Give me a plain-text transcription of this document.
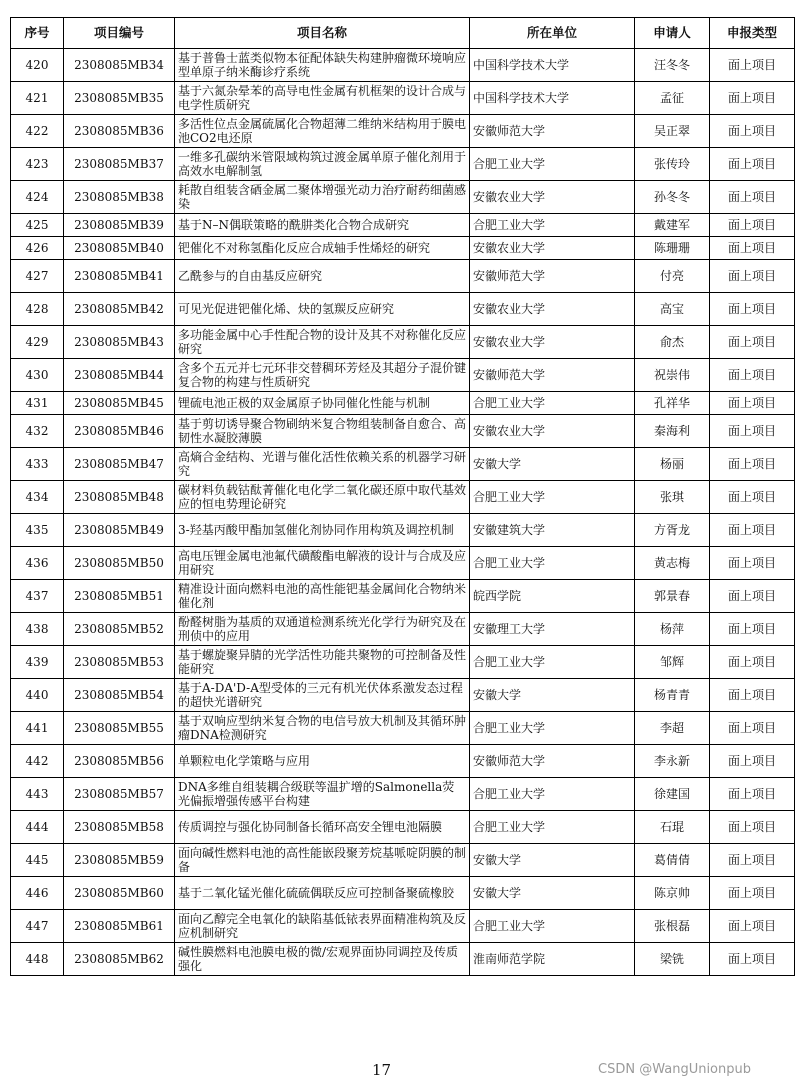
序号	项目编号	项目名称	所在单位	申请人	申报类型
420	2308085MB34	基于普鲁士蓝类似物本征配体缺失构建肿瘤微环境响应型单原子纳米酶诊疗系统	中国科学技术大学	汪冬冬	面上项目
421	2308085MB35	基于六氮杂晕苯的高导电性金属有机框架的设计合成与电学性质研究	中国科学技术大学	孟征	面上项目
422	2308085MB36	多活性位点金属硫属化合物超薄二维纳米结构用于膜电池CO2电还原	安徽师范大学	吴正翠	面上项目
423	2308085MB37	一维多孔碳纳米管限域构筑过渡金属单原子催化剂用于高效水电解制氢	合肥工业大学	张传玲	面上项目
424	2308085MB38	耗散自组装含硒金属二聚体增强光动力治疗耐药细菌感染	安徽农业大学	孙冬冬	面上项目
425	2308085MB39	基于N–N偶联策略的酰肼类化合物合成研究	合肥工业大学	戴建军	面上项目
426	2308085MB40	钯催化不对称氢酯化反应合成轴手性烯烃的研究	安徽农业大学	陈珊珊	面上项目
427	2308085MB41	乙酰参与的自由基反应研究	安徽师范大学	付亮	面上项目
428	2308085MB42	可见光促进钯催化烯、炔的氢羰反应研究	安徽农业大学	高宝	面上项目
429	2308085MB43	多功能金属中心手性配合物的设计及其不对称催化反应研究	安徽农业大学	俞杰	面上项目
430	2308085MB44	含多个五元并七元环非交替稠环芳烃及其超分子混价键复合物的构建与性质研究	安徽师范大学	祝崇伟	面上项目
431	2308085MB45	锂硫电池正极的双金属原子协同催化性能与机制	合肥工业大学	孔祥华	面上项目
432	2308085MB46	基于剪切诱导聚合物刷纳米复合物组装制备自愈合、高韧性水凝胶薄膜	安徽农业大学	秦海利	面上项目
433	2308085MB47	高熵合金结构、光谱与催化活性依赖关系的机器学习研究	安徽大学	杨丽	面上项目
434	2308085MB48	碳材料负载钴酞菁催化电化学二氧化碳还原中取代基效应的恒电势理论研究	合肥工业大学	张琪	面上项目
435	2308085MB49	3-羟基丙酸甲酯加氢催化剂协同作用构筑及调控机制	安徽建筑大学	方胥龙	面上项目
436	2308085MB50	高电压锂金属电池氟代磺酸酯电解液的设计与合成及应用研究	合肥工业大学	黄志梅	面上项目
437	2308085MB51	精准设计面向燃料电池的高性能钯基金属间化合物纳米催化剂	皖西学院	郭景春	面上项目
438	2308085MB52	酚醛树脂为基质的双通道检测系统光化学行为研究及在刑侦中的应用	安徽理工大学	杨萍	面上项目
439	2308085MB53	基于螺旋聚异腈的光学活性功能共聚物的可控制备及性能研究	合肥工业大学	邹辉	面上项目
440	2308085MB54	基于A-DA'D-A型受体的三元有机光伏体系激发态过程的超快光谱研究	安徽大学	杨青青	面上项目
441	2308085MB55	基于双响应型纳米复合物的电信号放大机制及其循环肿瘤DNA检测研究	合肥工业大学	李超	面上项目
442	2308085MB56	单颗粒电化学策略与应用	安徽师范大学	李永新	面上项目
443	2308085MB57	DNA多维自组装耦合级联等温扩增的Salmonella荧光偏振增强传感平台构建	合肥工业大学	徐建国	面上项目
444	2308085MB58	传质调控与强化协同制备长循环高安全锂电池隔膜	合肥工业大学	石琨	面上项目
445	2308085MB59	面向碱性燃料电池的高性能嵌段聚芳烷基哌啶阴膜的制备	安徽大学	葛倩倩	面上项目
446	2308085MB60	基于二氧化锰光催化硫硫偶联反应可控制备聚硫橡胶	安徽大学	陈京帅	面上项目
447	2308085MB61	面向乙醇完全电氧化的缺陷基低铱表界面精准构筑及反应机制研究	合肥工业大学	张根磊	面上项目
448	2308085MB62	碱性膜燃料电池膜电极的微/宏观界面协同调控及传质强化	淮南师范学院	梁铣	面上项目
17	CSDN @WangUnionpub
